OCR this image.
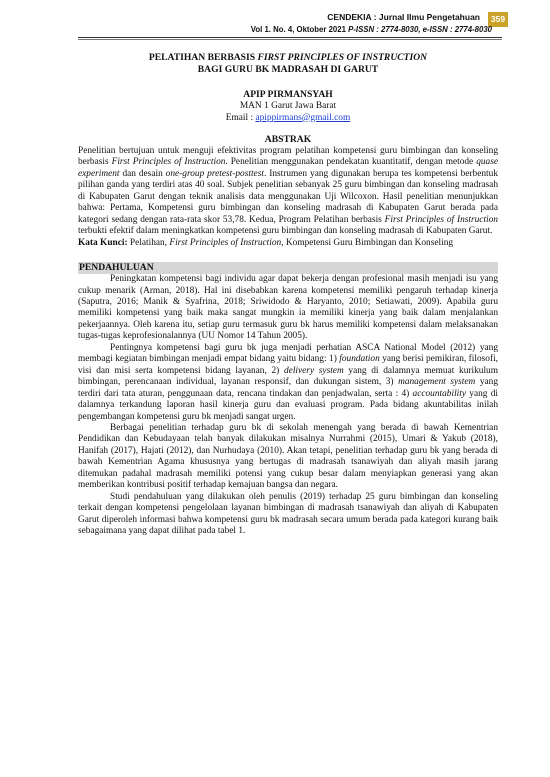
CENDEKIA : Jurnal Ilmu Pengetahuan	359
Vol 1. No. 4, Oktober 2021 P-ISSN : 2774-8030, e-ISSN : 2774-8030
PELATIHAN BERBASIS FIRST PRINCIPLES OF INSTRUCTION
BAGI GURU BK MADRASAH DI GARUT
APIP PIRMANSYAH
MAN 1 Garut Jawa Barat
Email : apippirmans@gmail.com
ABSTRAK

Penelitian bertujuan untuk menguji efektivitas program pelatihan kompetensi guru bimbingan dan konseling berbasis First Principles of Instruction. Penelitian menggunakan pendekatan kuantitatif, dengan metode quase experiment dan desain one-group pretest-posttest. Instrumen yang digunakan berupa tes kompetensi berbentuk pilihan ganda yang terdiri atas 40 soal. Subjek penelitian sebanyak 25 guru bimbingan dan konseling madrasah di Kabupaten Garut dengan teknik analisis data menggunakan Uji Wilcoxon. Hasil penelitian menunjukkan bahwa: Pertama, Kompetensi guru bimbingan dan konseling madrasah di Kabupaten Garut berada pada kategori sedang dengan rata-rata skor 53,78. Kedua, Program Pelatihan berbasis First Principles of Instruction terbukti efektif dalam meningkatkan kompetensi guru bimbingan dan konseling madrasah di Kabupaten Garut.

Kata Kunci: Pelatihan, First Principles of Instruction, Kompetensi Guru Bimbingan dan Konseling

PENDAHULUAN

Peningkatan kompetensi bagi individu agar dapat bekerja dengan profesional masih menjadi isu yang cukup menarik (Arman, 2018). Hal ini disebabkan karena kompetensi memiliki pengaruh terhadap kinerja (Saputra, 2016; Manik & Syafrina, 2018; Sriwidodo & Haryanto, 2010; Setiawati, 2009). Apabila guru memiliki kompetensi yang baik maka sangat mungkin ia memiliki kinerja yang baik dalam menjalankan pekerjaannya. Oleh karena itu, setiap guru termasuk guru bk harus memiliki kompetensi dalam melaksanakan tugas-tugas keprofesionalannya (UU Nomor 14 Tahun 2005).

Pentingnya kompetensi bagi guru bk juga menjadi perhatian ASCA National Model (2012) yang membagi kegiatan bimbingan menjadi empat bidang yaitu bidang: 1) foundation yang berisi pemikiran, filosofi, visi dan misi serta kompetensi bidang layanan, 2) delivery system yang di dalamnya memuat kurikulum bimbingan, perencanaan individual, layanan responsif, dan dukungan sistem, 3) management system yang terdiri dari tata aturan, penggunaan data, rencana tindakan dan penjadwalan, serta : 4) accountability yang di dalamnya terkandung laporan hasil kinerja guru dan evaluasi program. Pada bidang akuntabilitas inilah pengembangan kompetensi guru bk menjadi sangat urgen.

Berbagai penelitian terhadap guru bk di sekolah menengah yang berada di bawah Kementrian Pendidikan dan Kebudayaan telah banyak dilakukan misalnya Nurrahmi (2015), Umari & Yakub (2018), Hanifah (2017), Hajati (2012), dan Nurhudaya (2010). Akan tetapi, penelitian terhadap guru bk yang berada di bawah Kementrian Agama khususnya yang bertugas di madrasah tsanawiyah dan aliyah masih jarang ditemukan padahal madrasah memiliki potensi yang cukup besar dalam menyiapkan generasi yang akan memberikan kontribusi positif terhadap kemajuan bangsa dan negara.

Studi pendahuluan yang dilakukan oleh penulis (2019) terhadap 25 guru bimbingan dan konseling terkait dengan kompetensi pengelolaan layanan bimbingan di madrasah tsanawiyah dan aliyah di Kabupaten Garut diperoleh informasi bahwa kompetensi guru bk madrasah secara umum berada pada kategori kurang baik sebagaimana yang dapat dilihat pada tabel 1.
